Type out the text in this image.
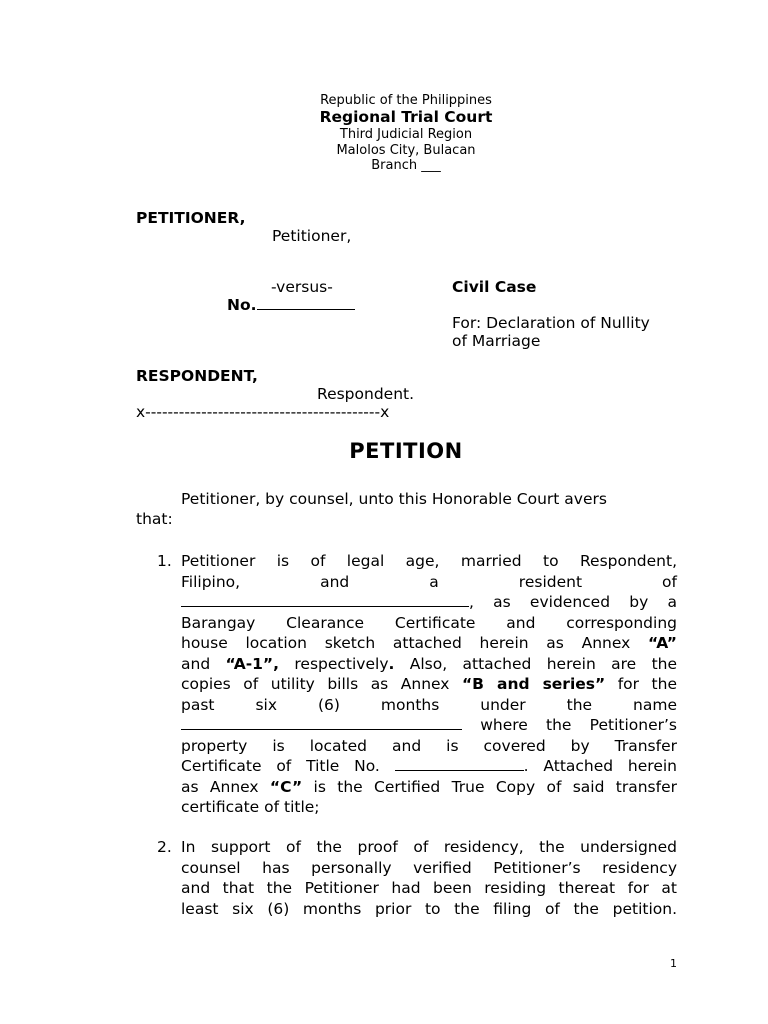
Republic of the Philippines
Regional Trial Court
Third Judicial Region
Malolos City, Bulacan
Branch ___
PETITIONER,
Petitioner,
-versus-	Civil Case
No.
For: Declaration of Nullity
of Marriage
RESPONDENT,
Respondent.
x------------------------------------------x
PETITION
Petitioner, by counsel, unto this Honorable Court avers
that:
1. Petitioner is of legal age, married to Respondent,
Filipino, and a resident of
, as evidenced by a
Barangay Clearance Certificate and corresponding
house location sketch attached herein as Annex “A”
and “A-1”, respectively. Also, attached herein are the
copies of utility bills as Annex “B and series” for the
past six (6) months under the name
where the Petitioner’s
property is located and is covered by Transfer
Certificate of Title No.	. Attached herein
as Annex “C” is the Certified True Copy of said transfer
certificate of title;
2. In support of the proof of residency, the undersigned
counsel has personally verified Petitioner’s residency
and that the Petitioner had been residing thereat for at
least six (6) months prior to the filing of the petition.
1
